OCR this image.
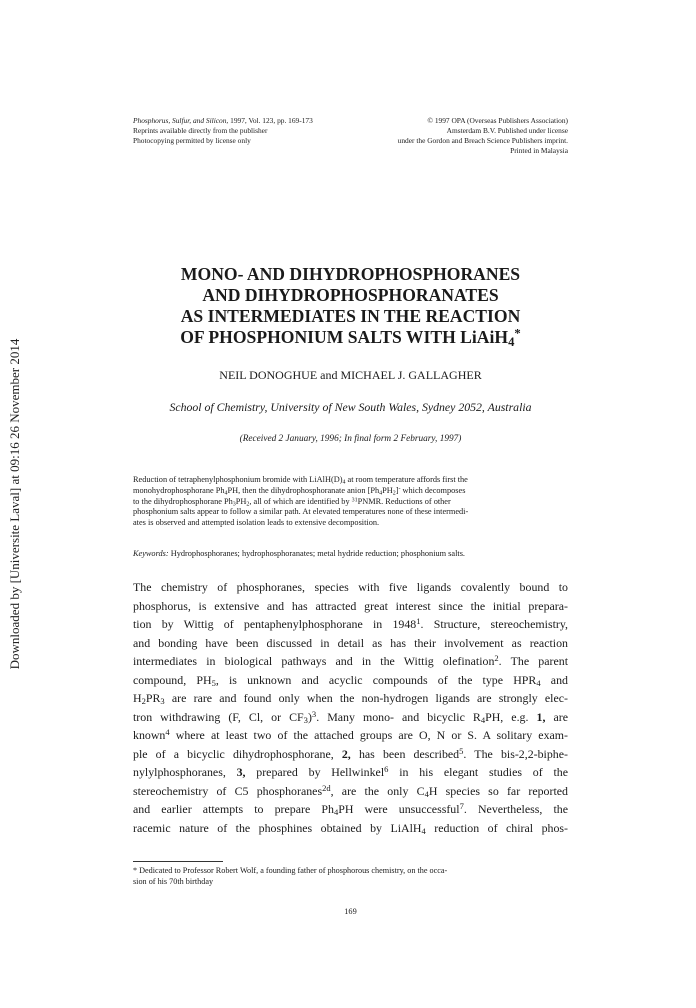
Downloaded by [Universite Laval] at 09:16 26 November 2014
Phosphorus, Sulfur, and Silicon, 1997, Vol. 123, pp. 169-173
Reprints available directly from the publisher
Photocopying permitted by license only
© 1997 OPA (Overseas Publishers Association)
Amsterdam B.V. Published under license
under the Gordon and Breach Science Publishers imprint.
Printed in Malaysia
MONO- AND DIHYDROPHOSPHORANES
AND DIHYDROPHOSPHORANATES
AS INTERMEDIATES IN THE REACTION
OF PHOSPHONIUM SALTS WITH LiAiH$_4$*
NEIL DONOGHUE and MICHAEL J. GALLAGHER
School of Chemistry, University of New South Wales, Sydney 2052, Australia
(Received 2 January, 1996; In final form 2 February, 1997)
Reduction of tetraphenylphosphonium bromide with $LiAlH(D)_4$ at room temperature affords first the
monohydrophosphorane $Ph_4PH$, then the dihydrophosphoranate anion $[Ph_4PH_2]^-$ which decomposes
to the dihydrophosphorane $Ph_3PH_2$, all of which are identified by $^{31}$PNMR. Reductions of other
phosphonium salts appear to follow a similar path. At elevated temperatures none of these intermedi-
ates is observed and attempted isolation leads to extensive decomposition.
Keywords: Hydrophosphoranes; hydrophosphoranates; metal hydride reduction; phosphonium salts.
The chemistry of phosphoranes, species with five ligands covalently bound to
phosphorus, is extensive and has attracted great interest since the initial prepara-
tion by Wittig of pentaphenylphosphorane in 1948$^1$. Structure, stereochemistry,
and bonding have been discussed in detail as has their involvement as reaction
intermediates in biological pathways and in the Wittig olefination$^2$. The parent
compound, $PH_5$, is unknown and acyclic compounds of the type $HPR_4$ and
$H_2PR_3$ are rare and found only when the non-hydrogen ligands are strongly elec-
tron withdrawing (F, Cl, or $CF_3)^3$. Many mono- and bicyclic $R_4PH$, e.g. 1, are
known$^4$ where at least two of the attached groups are O, N or S. A solitary exam-
ple of a bicyclic dihydrophosphorane, 2, has been described$^5$. The bis-2,2-biphe-
nylylphosphoranes, 3, prepared by Hellwinkel$^6$ in his elegant studies of the
stereochemistry of C5 phosphoranes$^{2d}$, are the only $C_4H$ species so far reported
and earlier attempts to prepare $Ph_4PH$ were unsuccessful$^7$. Nevertheless, the
racemic nature of the phosphines obtained by LiAlH$_4$ reduction of chiral phos-
* Dedicated to Professor Robert Wolf, a founding father of phosphorous chemistry, on the occa-
sion of his 70th birthday
169
